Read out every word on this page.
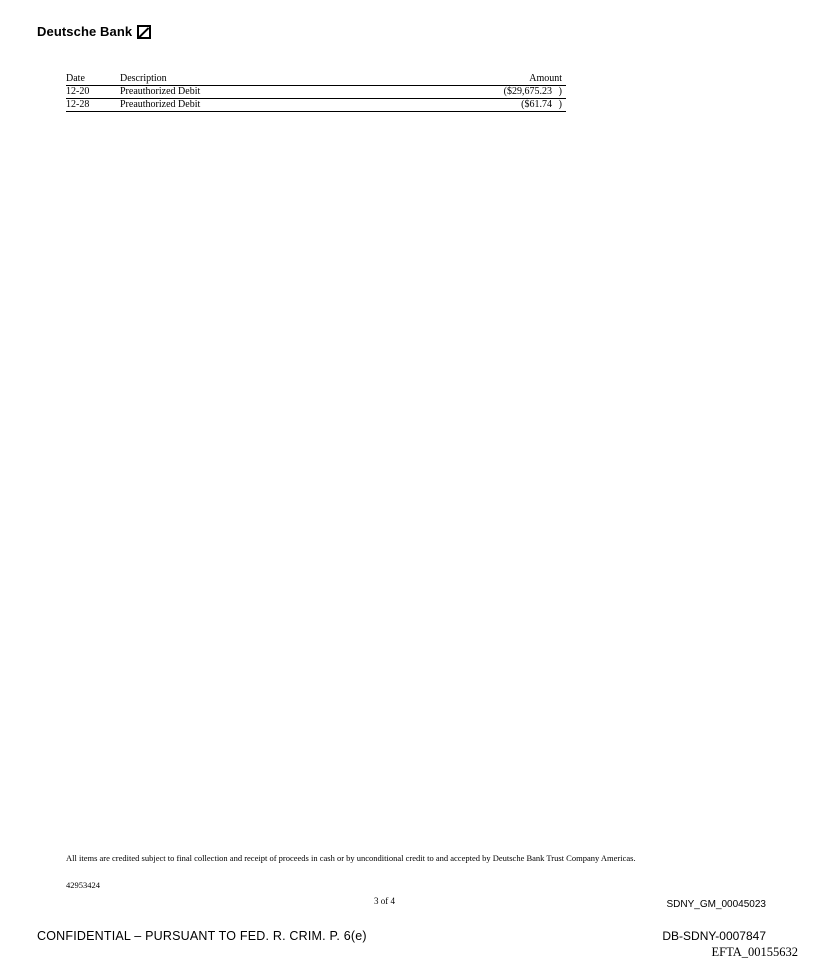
Deutsche Bank
Date	Description	Amount
12-20	Preauthorized Debit	($29,675.23 )
12-28	Preauthorized Debit	($61.74 )
All items are credited subject to final collection and receipt of proceeds in cash or by unconditional credit to and accepted by Deutsche Bank Trust Company Americas.
42953424
3 of 4	SDNY_GM_00045023
CONFIDENTIAL – PURSUANT TO FED. R. CRIM. P. 6(e)	DB-SDNY-0007847
EFTA_00155632
